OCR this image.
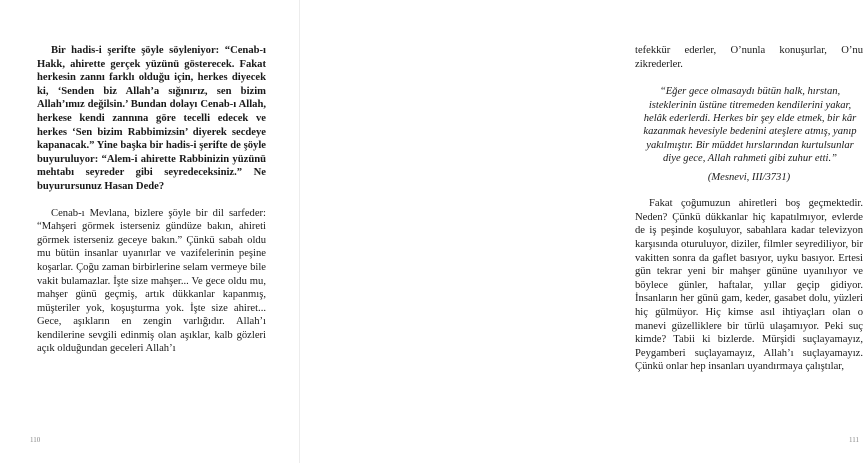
Bir hadis-i şerifte şöyle söyleniyor: “Cenab-ı Hakk, ahirette gerçek yüzünü gösterecek. Fakat herkesin zannı farklı olduğu için, herkes diyecek ki, ‘Senden biz Allah’a sığınırız, sen bizim Allah’ımız değilsin.’ Bundan dolayı Cenab-ı Allah, herkese kendi zannına göre tecelli edecek ve herkes ‘Sen bizim Rabbimizsin’ diyerek secdeye kapanacak.” Yine başka bir hadis-i şerifte de şöyle buyuruluyor: “Alem-i ahirette Rabbinizin yüzünü mehtabı seyreder gibi seyredeceksiniz.” Ne buyurursunuz Hasan Dede?

Cenab-ı Mevlana, bizlere şöyle bir dil sarfeder: “Mahşeri görmek isterseniz gündüze bakın, ahireti görmek isterseniz geceye bakın.” Çünkü sabah oldu mu bütün insanlar uyanırlar ve vazifelerinin peşine koşarlar. Çoğu zaman birbirlerine selam vermeye bile vakit bulamazlar. İşte size mahşer... Ve gece oldu mu, mahşer günü geçmiş, artık dükkanlar kapanmış, müşteriler yok, koşuşturma yok. İşte size ahiret... Gece, aşıkların en zengin varlığıdır. Allah’ı kendilerine sevgili edinmiş olan aşıklar, kalb gözleri açık olduğundan geceleri Allah’ı

110

tefekkür ederler, O’nunla konuşurlar, O’nu zikrederler.

“Eğer gece olmasaydı bütün halk, hırstan, isteklerinin üstüne titremeden kendilerini yakar, helâk ederlerdi. Herkes bir şey elde etmek, bir kâr kazanmak hevesiyle bedenini ateşlere atmış, yanıp yakılmıştır. Bir müddet hırslarından kurtulsunlar diye gece, Allah rahmeti gibi zuhur etti.”

(Mesnevi, III/3731)

Fakat çoğumuzun ahiretleri boş geçmektedir. Neden? Çünkü dükkanlar hiç kapatılmıyor, evlerde de iş peşinde koşuluyor, sabahlara kadar televizyon karşısında oturuluyor, diziler, filmler seyrediliyor, bir vakitten sonra da gaflet basıyor, uyku basıyor. Ertesi gün tekrar yeni bir mahşer gününe uyanılıyor ve böylece günler, haftalar, yıllar geçip gidiyor. İnsanların her günü gam, keder, gasabet dolu, yüzleri hiç gülmüyor. Hiç kimse asıl ihtiyaçları olan o manevi güzelliklere bir türlü ulaşamıyor. Peki suç kimde? Tabii ki bizlerde. Mürşidi suçlayamayız, Peygamberi suçlayamayız, Allah’ı suçlayamayız. Çünkü onlar hep insanları uyandırmaya çalıştılar,

111
